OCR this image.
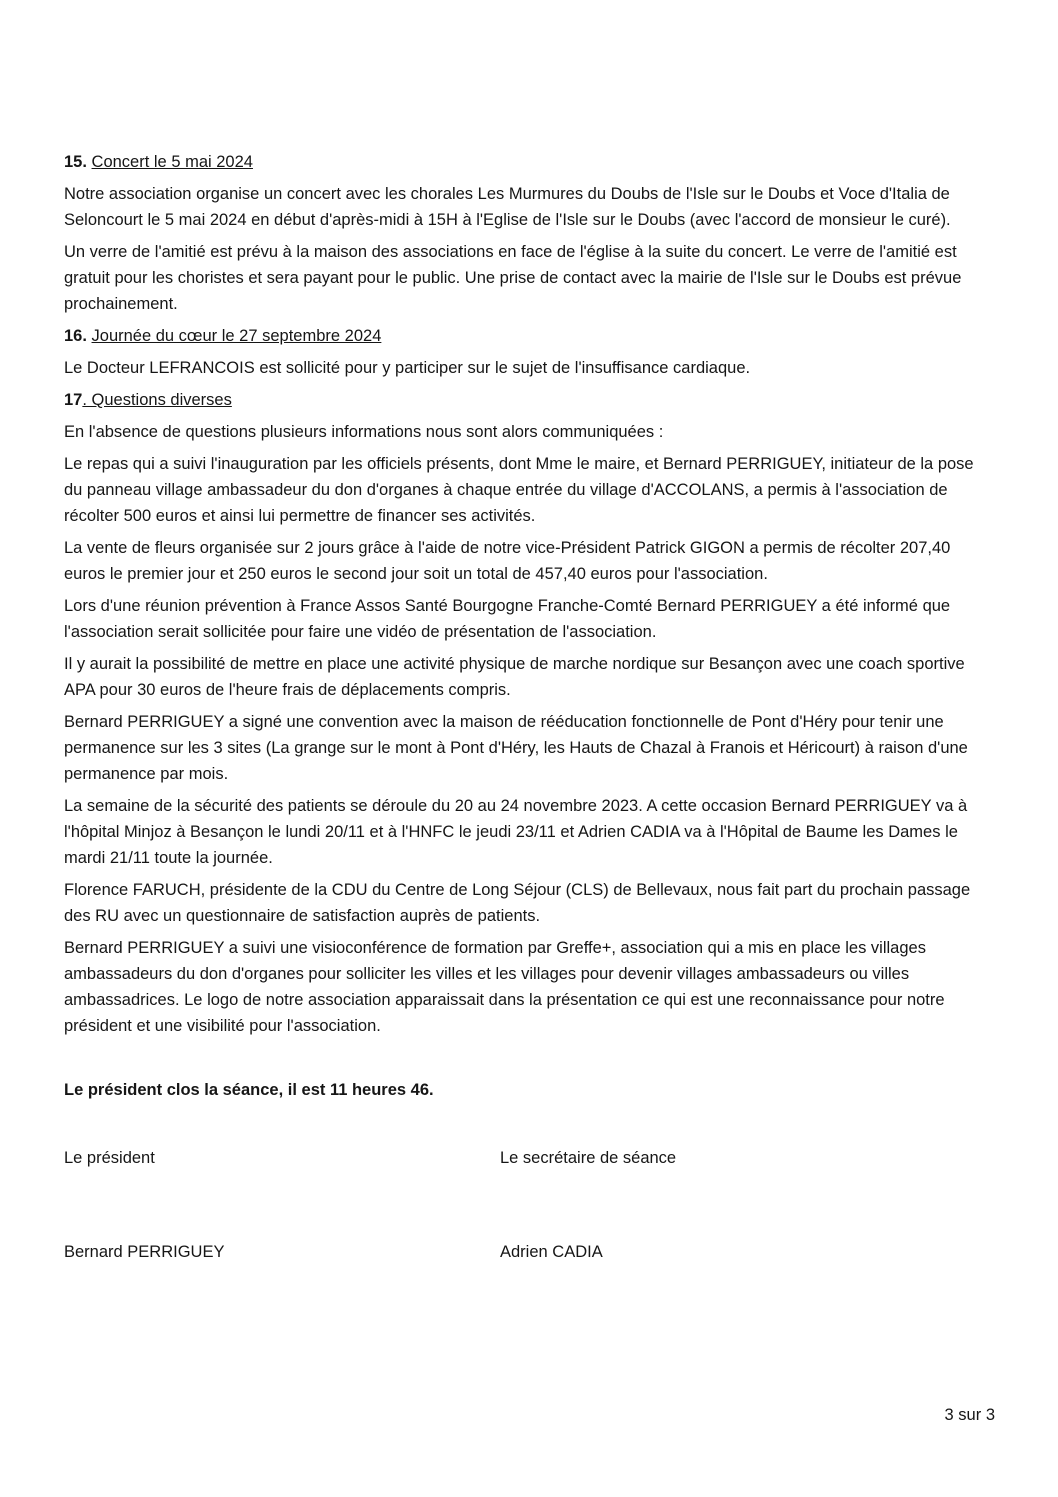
15. Concert le 5 mai 2024

Notre association organise un concert avec les chorales Les Murmures du Doubs de l'Isle sur le Doubs et Voce d'Italia de Seloncourt le 5 mai 2024 en début d'après-midi à 15H à l'Eglise de l'Isle sur le Doubs (avec l'accord de monsieur le curé).

Un verre de l'amitié est prévu à la maison des associations en face de l'église à la suite du concert. Le verre de l'amitié est gratuit pour les choristes et sera payant pour le public. Une prise de contact avec la mairie de l'Isle sur le Doubs est prévue prochainement.

16. Journée du cœur le 27 septembre 2024

Le Docteur LEFRANCOIS est sollicité pour y participer sur le sujet de l'insuffisance cardiaque.

17. Questions diverses

En l'absence de questions plusieurs informations nous sont alors communiquées :

Le repas qui a suivi l'inauguration par les officiels présents, dont Mme le maire, et Bernard PERRIGUEY, initiateur de la pose du panneau village ambassadeur du don d'organes à chaque entrée du village d'ACCOLANS, a permis à l'association de récolter 500 euros et ainsi lui permettre de financer ses activités.

La vente de fleurs organisée sur 2 jours grâce à l'aide de notre vice-Président Patrick GIGON a permis de récolter 207,40 euros le premier jour et 250 euros le second jour soit un total de 457,40 euros pour l'association.

Lors d'une réunion prévention à France Assos Santé Bourgogne Franche-Comté Bernard PERRIGUEY a été informé que l'association serait sollicitée pour faire une vidéo de présentation de l'association.

Il y aurait la possibilité de mettre en place une activité physique de marche nordique sur Besançon avec une coach sportive APA pour 30 euros de l'heure frais de déplacements compris.

Bernard PERRIGUEY a signé une convention avec la maison de rééducation fonctionnelle de Pont d'Héry pour tenir une permanence sur les 3 sites (La grange sur le mont à Pont d'Héry, les Hauts de Chazal à Franois et Héricourt) à raison d'une permanence par mois.

La semaine de la sécurité des patients se déroule du 20 au 24 novembre 2023. A cette occasion Bernard PERRIGUEY va à l'hôpital Minjoz à Besançon le lundi 20/11 et à l'HNFC le jeudi 23/11 et Adrien CADIA va à l'Hôpital de Baume les Dames le mardi 21/11 toute la journée.

Florence FARUCH, présidente de la CDU du Centre de Long Séjour (CLS) de Bellevaux, nous fait part du prochain passage des RU avec un questionnaire de satisfaction auprès de patients.

Bernard PERRIGUEY a suivi une visioconférence de formation par Greffe+, association qui a mis en place les villages ambassadeurs du don d'organes pour solliciter les villes et les villages pour devenir villages ambassadeurs ou villes ambassadrices. Le logo de notre association apparaissait dans la présentation ce qui est une reconnaissance pour notre président et une visibilité pour l'association.

Le président clos la séance, il est 11 heures 46.

Le président	Le secrétaire de séance
Bernard PERRIGUEY	Adrien CADIA
3 sur 3
